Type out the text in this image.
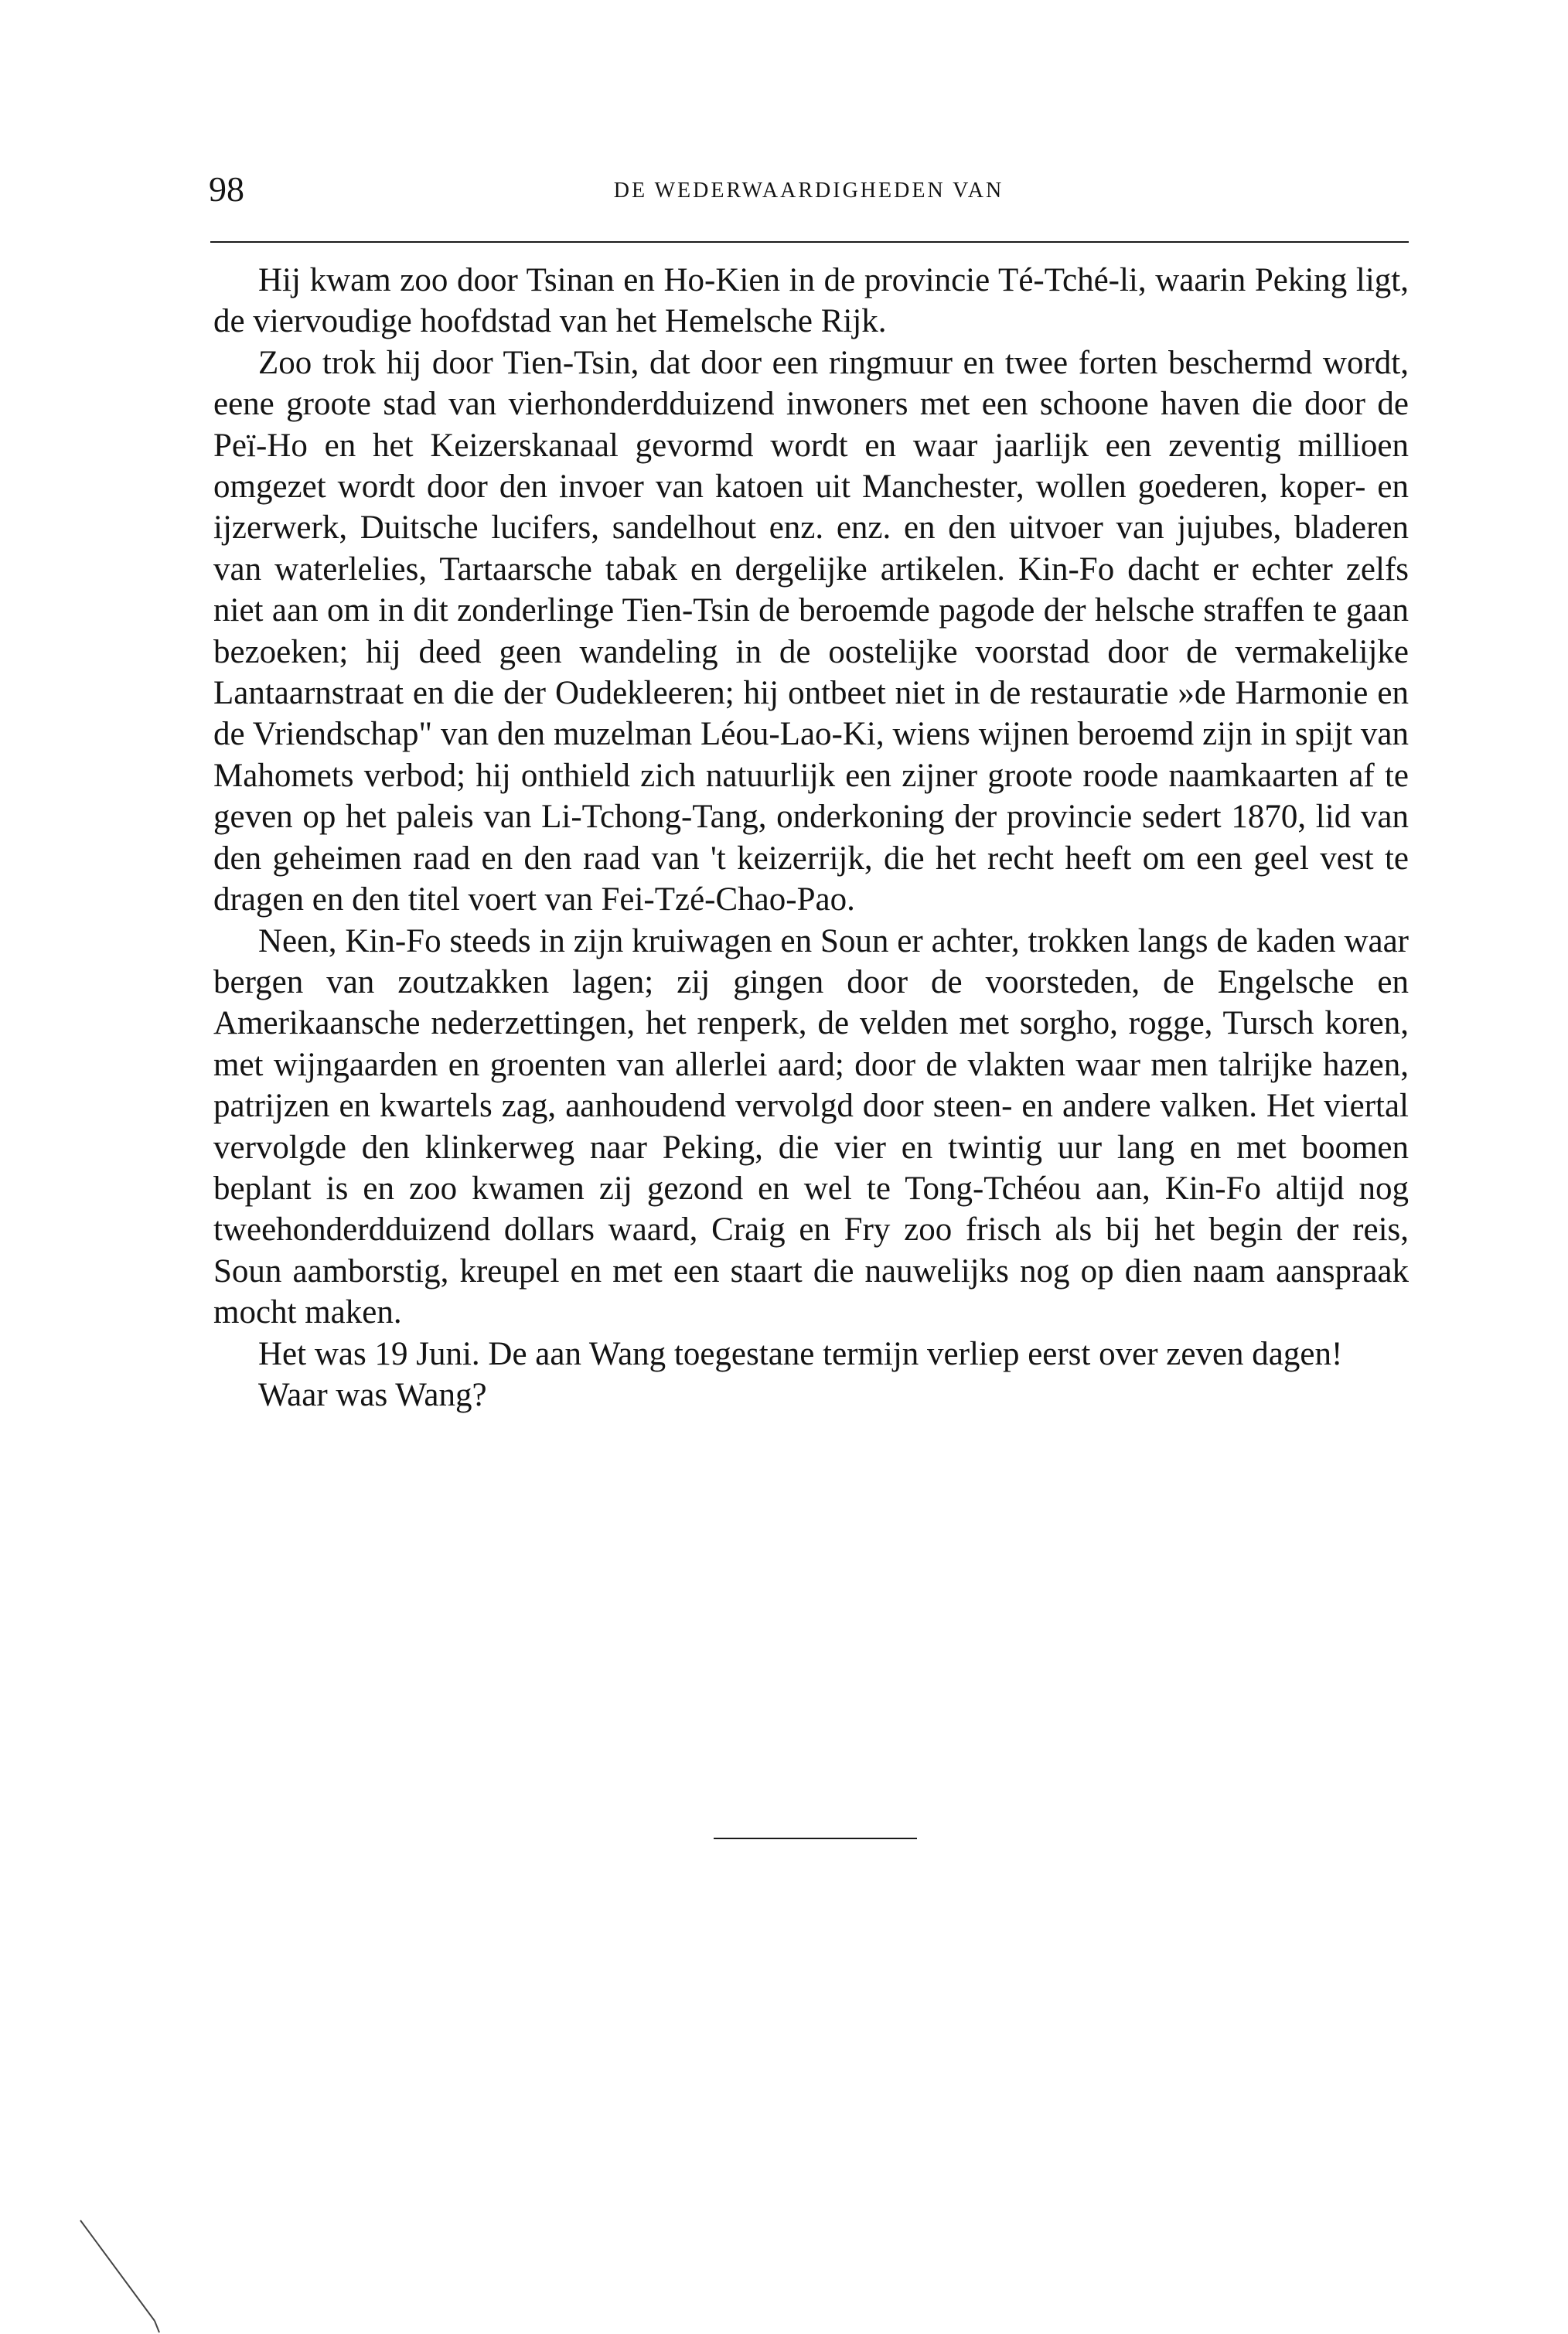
98	DE WEDERWAARDIGHEDEN VAN

Hij kwam zoo door Tsinan en Ho-Kien in de provincie Té-Tché-li, waarin Peking ligt, de viervoudige hoofdstad van het Hemelsche Rijk.

Zoo trok hij door Tien-Tsin, dat door een ringmuur en twee forten beschermd wordt, eene groote stad van vierhonderdduizend inwoners met een schoone haven die door de Peï-Ho en het Keizerskanaal gevormd wordt en waar jaarlijk een zeventig millioen omgezet wordt door den invoer van katoen uit Manchester, wollen goederen, koper- en ijzerwerk, Duitsche lucifers, sandelhout enz. enz. en den uitvoer van jujubes, bladeren van waterlelies, Tartaarsche tabak en dergelijke artikelen. Kin-Fo dacht er echter zelfs niet aan om in dit zonderlinge Tien-Tsin de beroemde pagode der helsche straffen te gaan bezoeken; hij deed geen wandeling in de oostelijke voorstad door de vermakelijke Lantaarnstraat en die der Oudekleeren; hij ontbeet niet in de restauratie »de Harmonie en de Vriendschap" van den muzelman Léou-Lao-Ki, wiens wijnen beroemd zijn in spijt van Mahomets verbod; hij onthield zich natuurlijk een zijner groote roode naamkaarten af te geven op het paleis van Li-Tchong-Tang, onderkoning der provincie sedert 1870, lid van den geheimen raad en den raad van 't keizerrijk, die het recht heeft om een geel vest te dragen en den titel voert van Fei-Tzé-Chao-Pao.

Neen, Kin-Fo steeds in zijn kruiwagen en Soun er achter, trokken langs de kaden waar bergen van zoutzakken lagen; zij gingen door de voorsteden, de Engelsche en Amerikaansche nederzettingen, het renperk, de velden met sorgho, rogge, Tursch koren, met wijngaarden en groenten van allerlei aard; door de vlakten waar men talrijke hazen, patrijzen en kwartels zag, aanhoudend vervolgd door steen- en andere valken. Het viertal vervolgde den klinkerweg naar Peking, die vier en twintig uur lang en met boomen beplant is en zoo kwamen zij gezond en wel te Tong-Tchéou aan, Kin-Fo altijd nog tweehonderdduizend dollars waard, Craig en Fry zoo frisch als bij het begin der reis, Soun aamborstig, kreupel en met een staart die nauwelijks nog op dien naam aanspraak mocht maken.

Het was 19 Juni. De aan Wang toegestane termijn verliep eerst over zeven dagen!

Waar was Wang?
